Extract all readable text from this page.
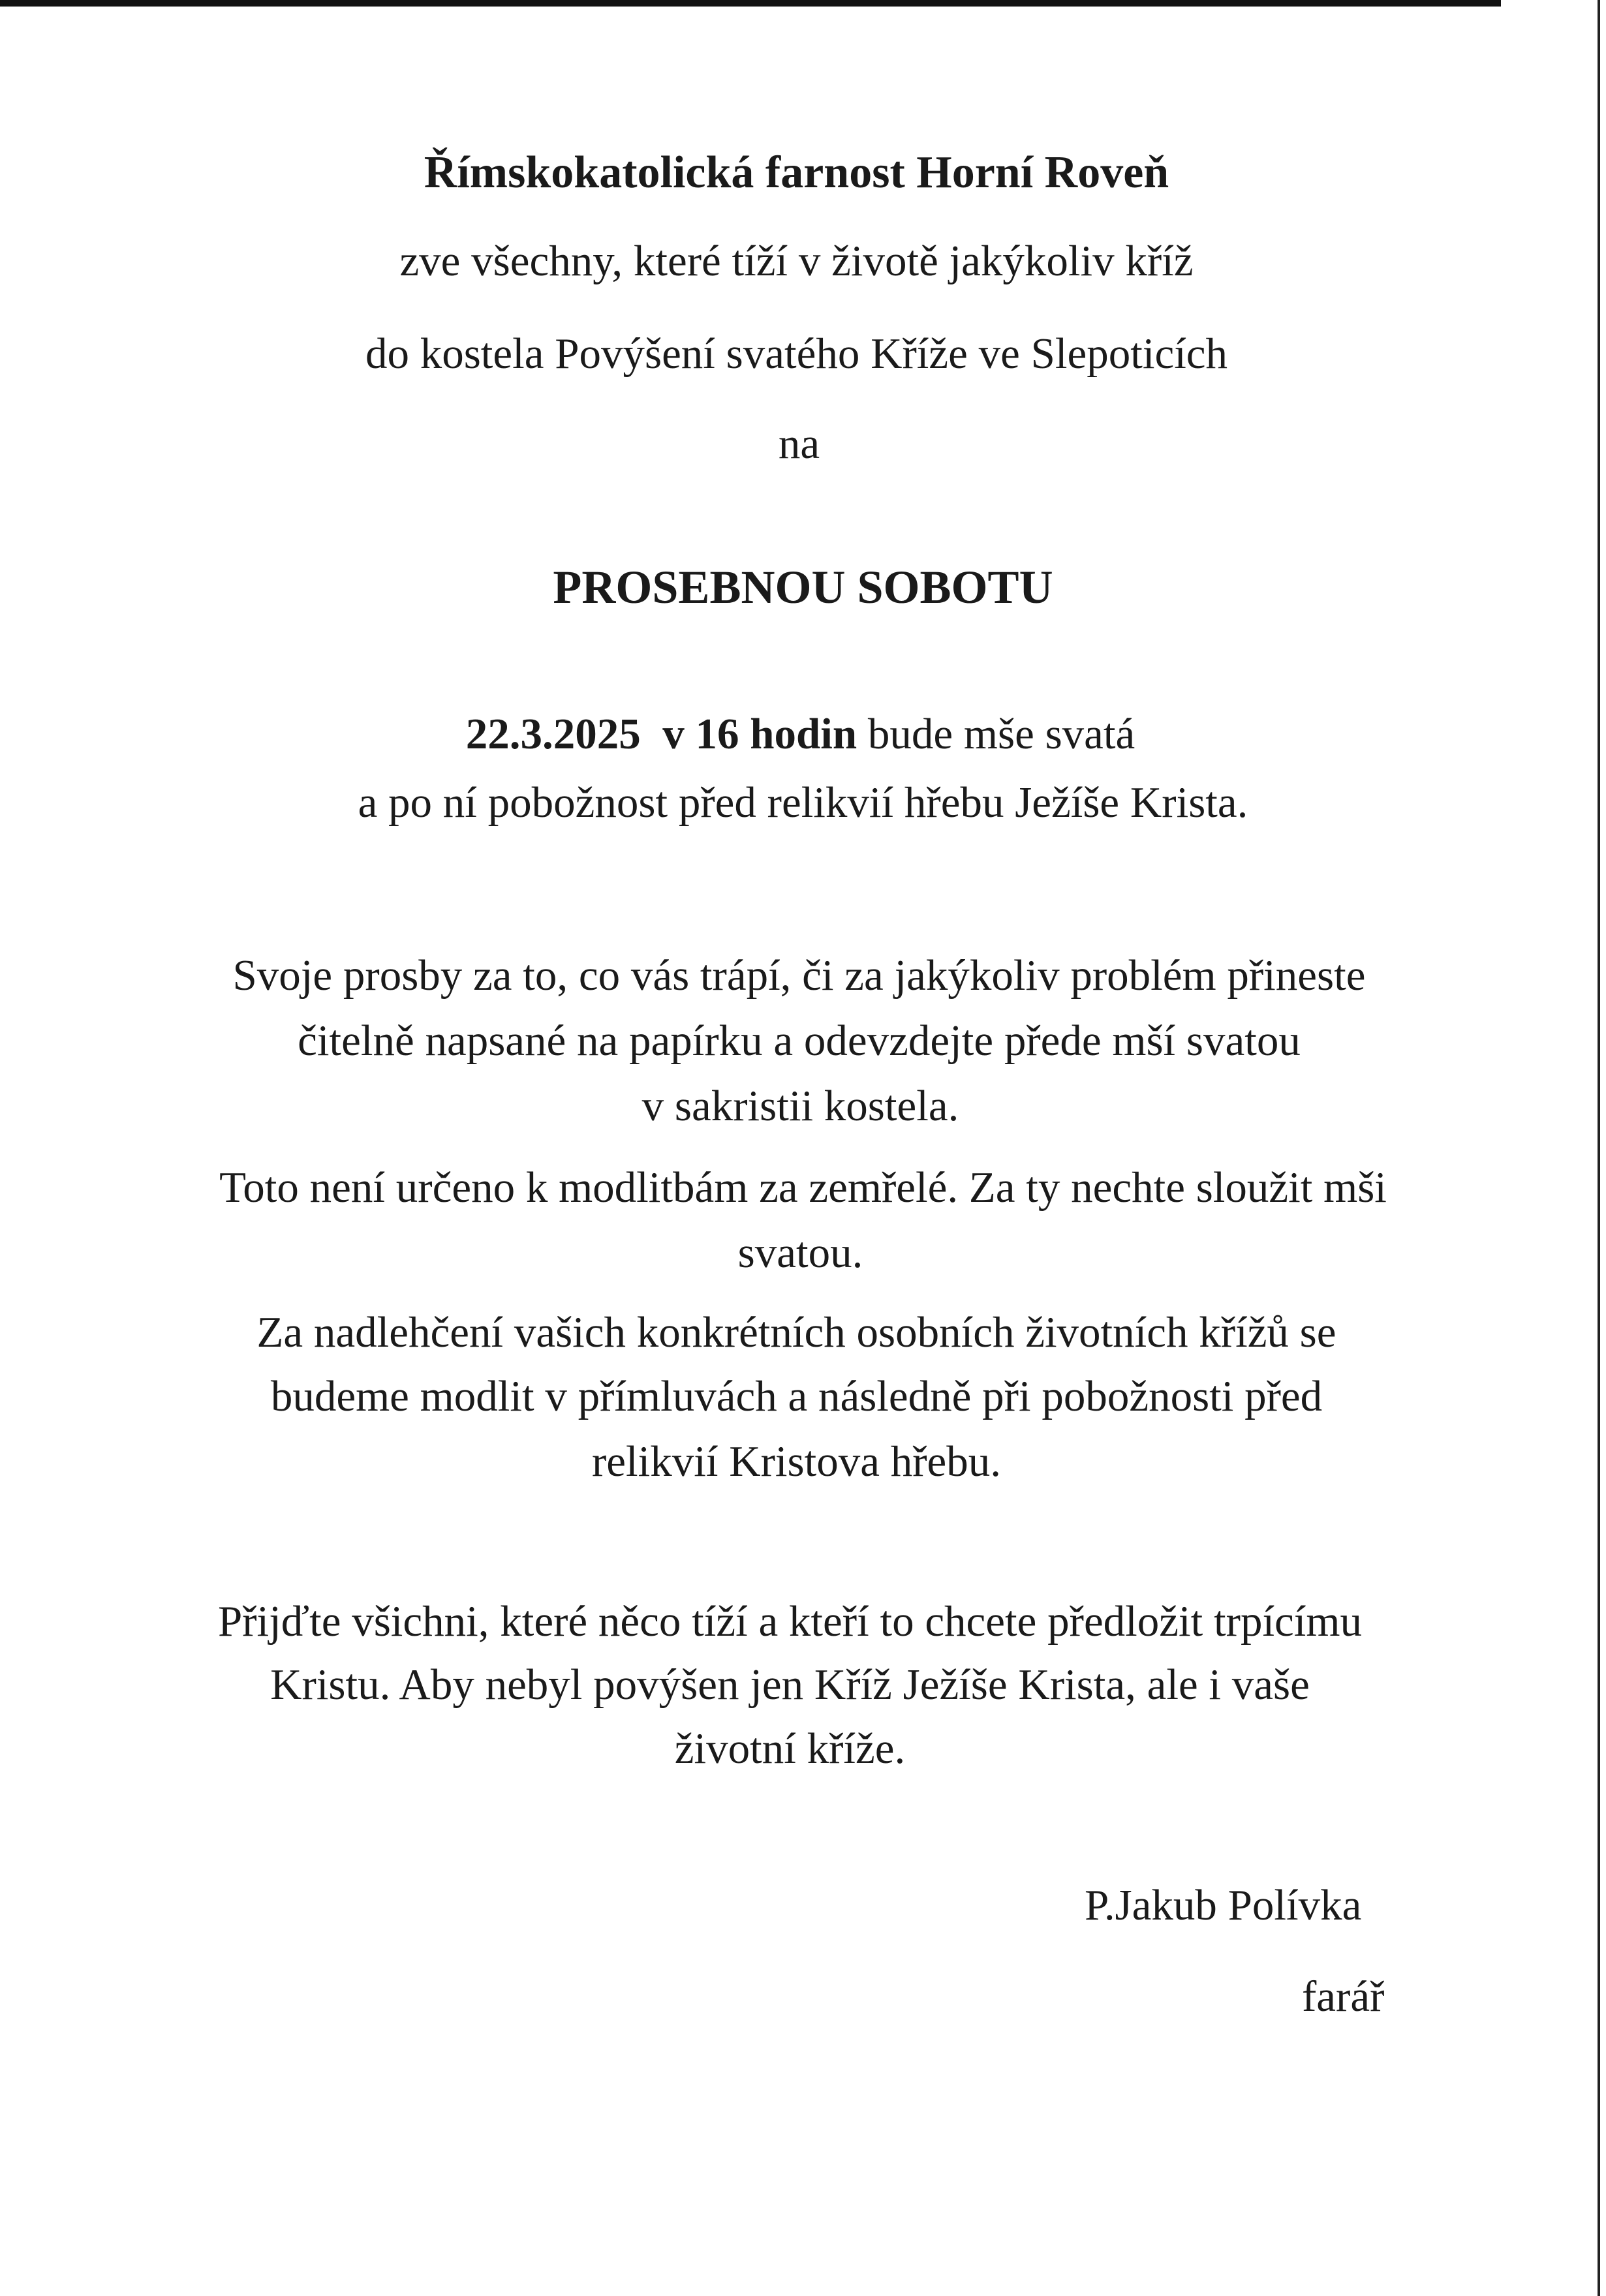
Římskokatolická farnost Horní Roveň
zve všechny, které tíží v životě jakýkoliv kříž
do kostela Povýšení svatého Kříže ve Slepoticích
na
PROSEBNOU SOBOTU
22.3.2025 v 16 hodin bude mše svatá
a po ní pobožnost před relikvií hřebu Ježíše Krista.
Svoje prosby za to, co vás trápí, či za jakýkoliv problém přineste
čitelně napsané na papírku a odevzdejte přede mší svatou
v sakristii kostela.
Toto není určeno k modlitbám za zemřelé. Za ty nechte sloužit mši
svatou.
Za nadlehčení vašich konkrétních osobních životních křížů se
budeme modlit v přímluvách a následně při pobožnosti před
relikvií Kristova hřebu.
Přijďte všichni, které něco tíží a kteří to chcete předložit trpícímu
Kristu. Aby nebyl povýšen jen Kříž Ježíše Krista, ale i vaše
životní kříže.
P.Jakub Polívka
farář
